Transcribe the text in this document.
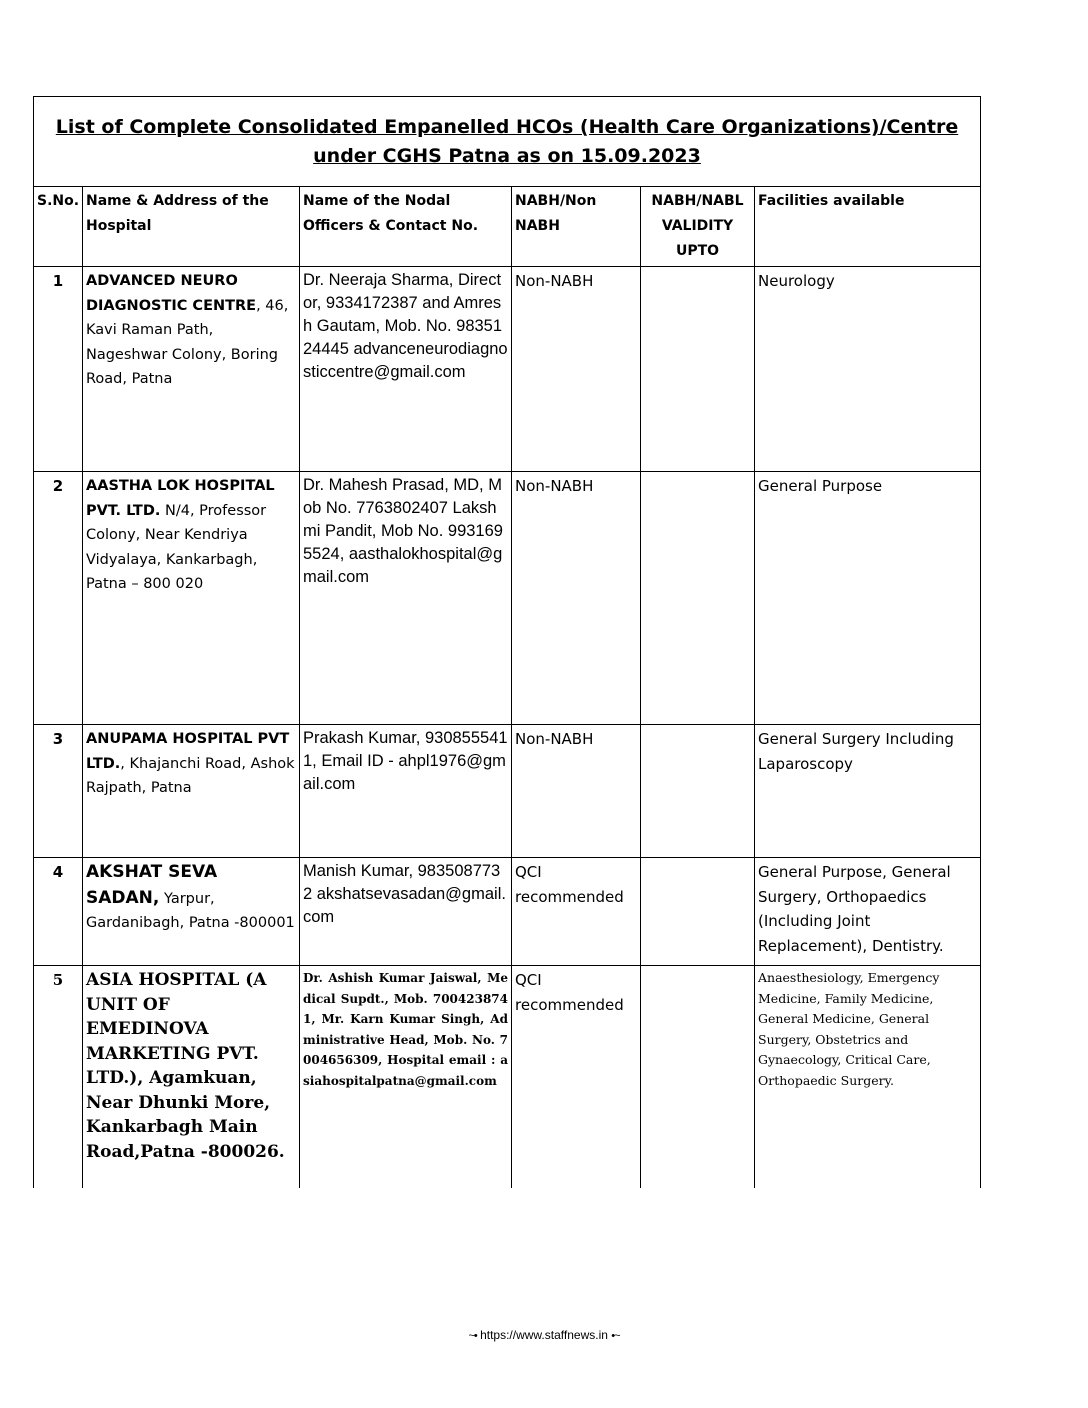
List of Complete Consolidated Empanelled HCOs (Health Care Organizations)/Centre
under CGHS Patna as on 15.09.2023					

S.No.	Name & Address of the Hospital	Name of the Nodal Officers & Contact No.	NABH/Non NABH	NABH/NABL VALIDITY UPTO	Facilities available
1	ADVANCED NEURO DIAGNOSTIC CENTRE, 46, Kavi Raman Path, Nageshwar Colony, Boring Road, Patna	Dr. Neeraja Sharma, Director, 9334172387 and Amresh Gautam, Mob. No. 9835124445 advanceneurodiagnosticcentre@gmail.com	Non-NABH		Neurology
2	AASTHA LOK HOSPITAL PVT. LTD. N/4, Professor Colony, Near Kendriya Vidyalaya, Kankarbagh, Patna – 800 020	Dr. Mahesh Prasad, MD, Mob No. 7763802407 Lakshmi Pandit, Mob No. 9931695524, aasthalokhospital@gmail.com	Non-NABH		General Purpose
3	ANUPAMA HOSPITAL PVT LTD., Khajanchi Road, Ashok Rajpath, Patna	Prakash Kumar, 9308555411, Email ID - ahpl1976@gmail.com	Non-NABH		General Surgery Including Laparoscopy
4	AKSHAT SEVA SADAN, Yarpur, Gardanibagh, Patna -800001	Manish Kumar, 9835087732 akshatsevasadan@gmail.com	QCI recommended		General Purpose, General Surgery, Orthopaedics (Including Joint Replacement), Dentistry.
5	ASIA HOSPITAL (A UNIT OF EMEDINOVA MARKETING PVT. LTD.), Agamkuan, Near Dhunki More, Kankarbagh Main Road,Patna -800026.	Dr. Ashish Kumar Jaiswal, Medical Supdt., Mob. 7004238741, Mr. Karn Kumar Singh, Administrative Head, Mob. No. 7004656309, Hospital email : asiahospitalpatna@gmail.com	QCI recommended		Anaesthesiology, Emergency Medicine, Family Medicine, General Medicine, General Surgery, Obstetrics and Gynaecology, Critical Care, Orthopaedic Surgery.
~• https://www.staffnews.in •~
